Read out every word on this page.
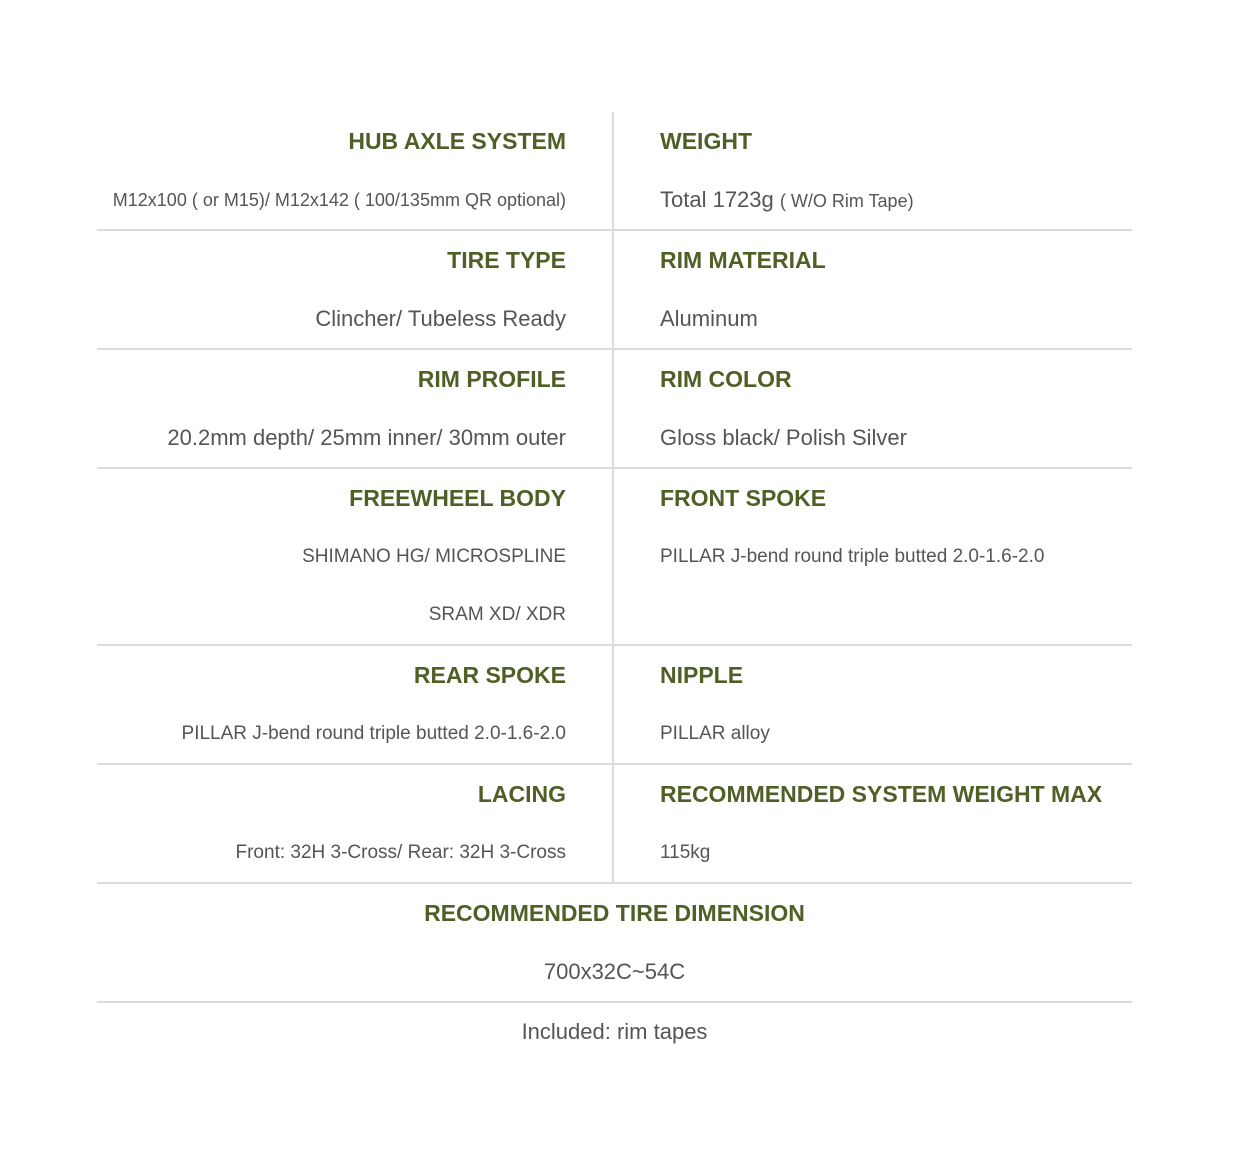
HUB AXLE SYSTEM
M12x100 ( or M15)/ M12x142 ( 100/135mm QR optional)
WEIGHT
Total 1723g ( W/O Rim Tape)
TIRE TYPE
Clincher/ Tubeless Ready
RIM MATERIAL
Aluminum
RIM PROFILE
20.2mm depth/ 25mm inner/ 30mm outer
RIM COLOR
Gloss black/ Polish Silver
FREEWHEEL BODY
SHIMANO HG/ MICROSPLINE
SRAM XD/ XDR
FRONT SPOKE
PILLAR J-bend round triple butted 2.0-1.6-2.0
REAR SPOKE
PILLAR J-bend round triple butted 2.0-1.6-2.0
NIPPLE
PILLAR alloy
LACING
Front: 32H 3-Cross/ Rear: 32H 3-Cross
RECOMMENDED SYSTEM WEIGHT MAX
115kg
RECOMMENDED TIRE DIMENSION
700x32C~54C
Included: rim tapes
